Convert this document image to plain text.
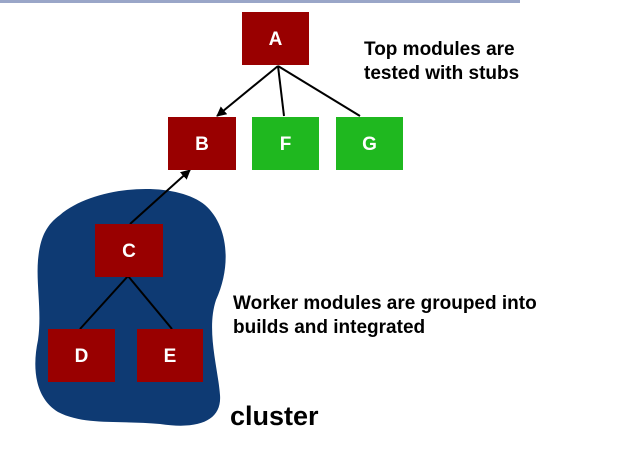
A
B	F	G
C
D	E
Top modules are
tested with stubs
Worker modules are grouped into
builds and integrated
cluster
